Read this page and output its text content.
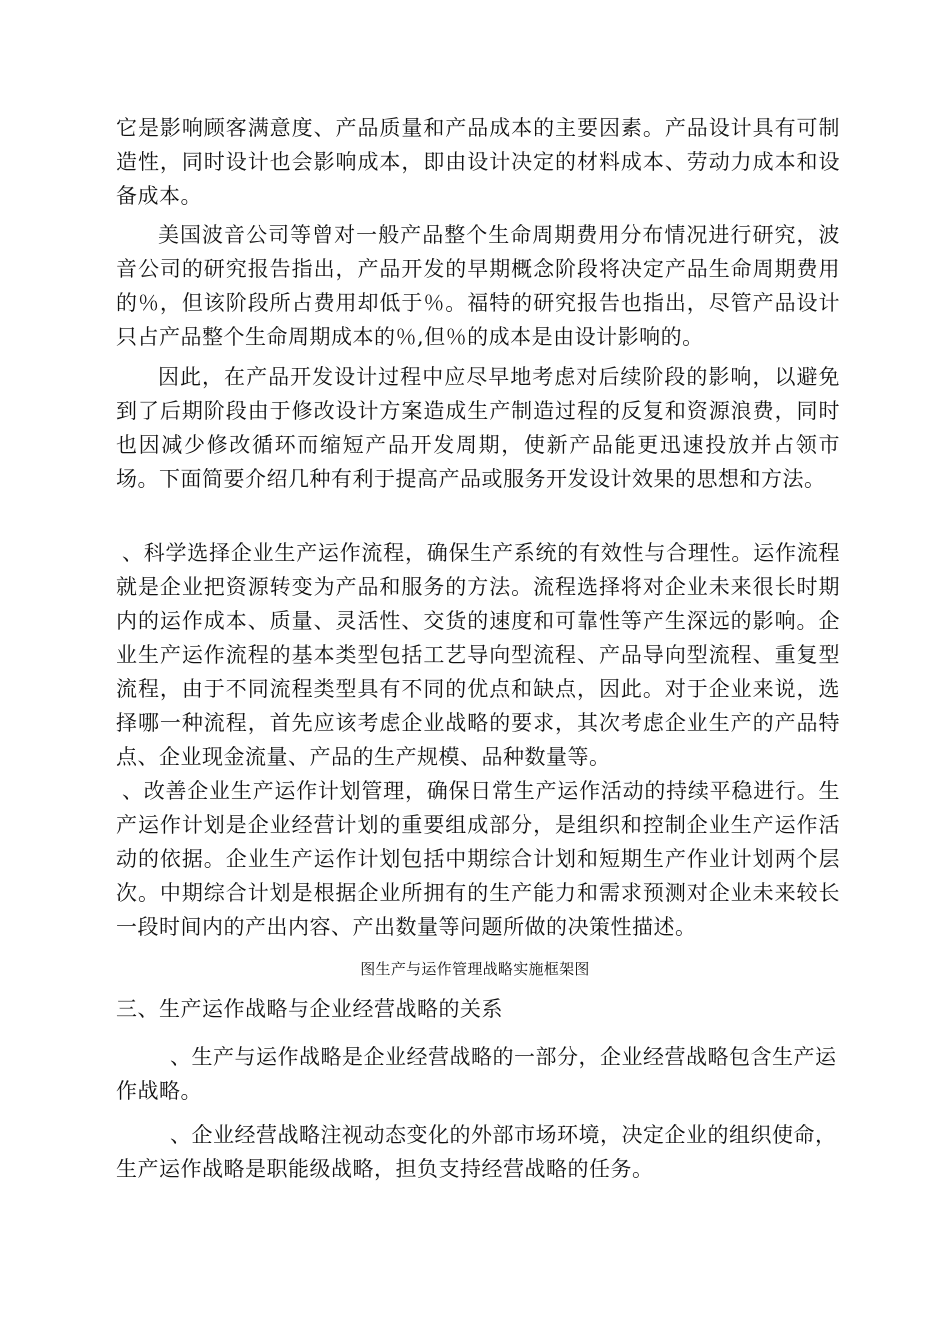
它是影响顾客满意度、产品质量和产品成本的主要因素。产品设计具有可制造性，同时设计也会影响成本，即由设计决定的材料成本、劳动力成本和设备成本。

美国波音公司等曾对一般产品整个生命周期费用分布情况进行研究，波音公司的研究报告指出，产品开发的早期概念阶段将决定产品生命周期费用的％，但该阶段所占费用却低于％。福特的研究报告也指出，尽管产品设计只占产品整个生命周期成本的％,但％的成本是由设计影响的。

因此，在产品开发设计过程中应尽早地考虑对后续阶段的影响，以避免到了后期阶段由于修改设计方案造成生产制造过程的反复和资源浪费，同时也因减少修改循环而缩短产品开发周期，使新产品能更迅速投放并占领市场。下面简要介绍几种有利于提高产品或服务开发设计效果的思想和方法。

、科学选择企业生产运作流程，确保生产系统的有效性与合理性。运作流程就是企业把资源转变为产品和服务的方法。流程选择将对企业未来很长时期内的运作成本、质量、灵活性、交货的速度和可靠性等产生深远的影响。企业生产运作流程的基本类型包括工艺导向型流程、产品导向型流程、重复型流程，由于不同流程类型具有不同的优点和缺点，因此。对于企业来说，选择哪一种流程，首先应该考虑企业战略的要求，其次考虑企业生产的产品特点、企业现金流量、产品的生产规模、品种数量等。

、改善企业生产运作计划管理，确保日常生产运作活动的持续平稳进行。生产运作计划是企业经营计划的重要组成部分，是组织和控制企业生产运作活动的依据。企业生产运作计划包括中期综合计划和短期生产作业计划两个层次。中期综合计划是根据企业所拥有的生产能力和需求预测对企业未来较长一段时间内的产出内容、产出数量等问题所做的决策性描述。

图生产与运作管理战略实施框架图

三、生产运作战略与企业经营战略的关系

、生产与运作战略是企业经营战略的一部分，企业经营战略包含生产运作战略。

、企业经营战略注视动态变化的外部市场环境，决定企业的组织使命，生产运作战略是职能级战略，担负支持经营战略的任务。
